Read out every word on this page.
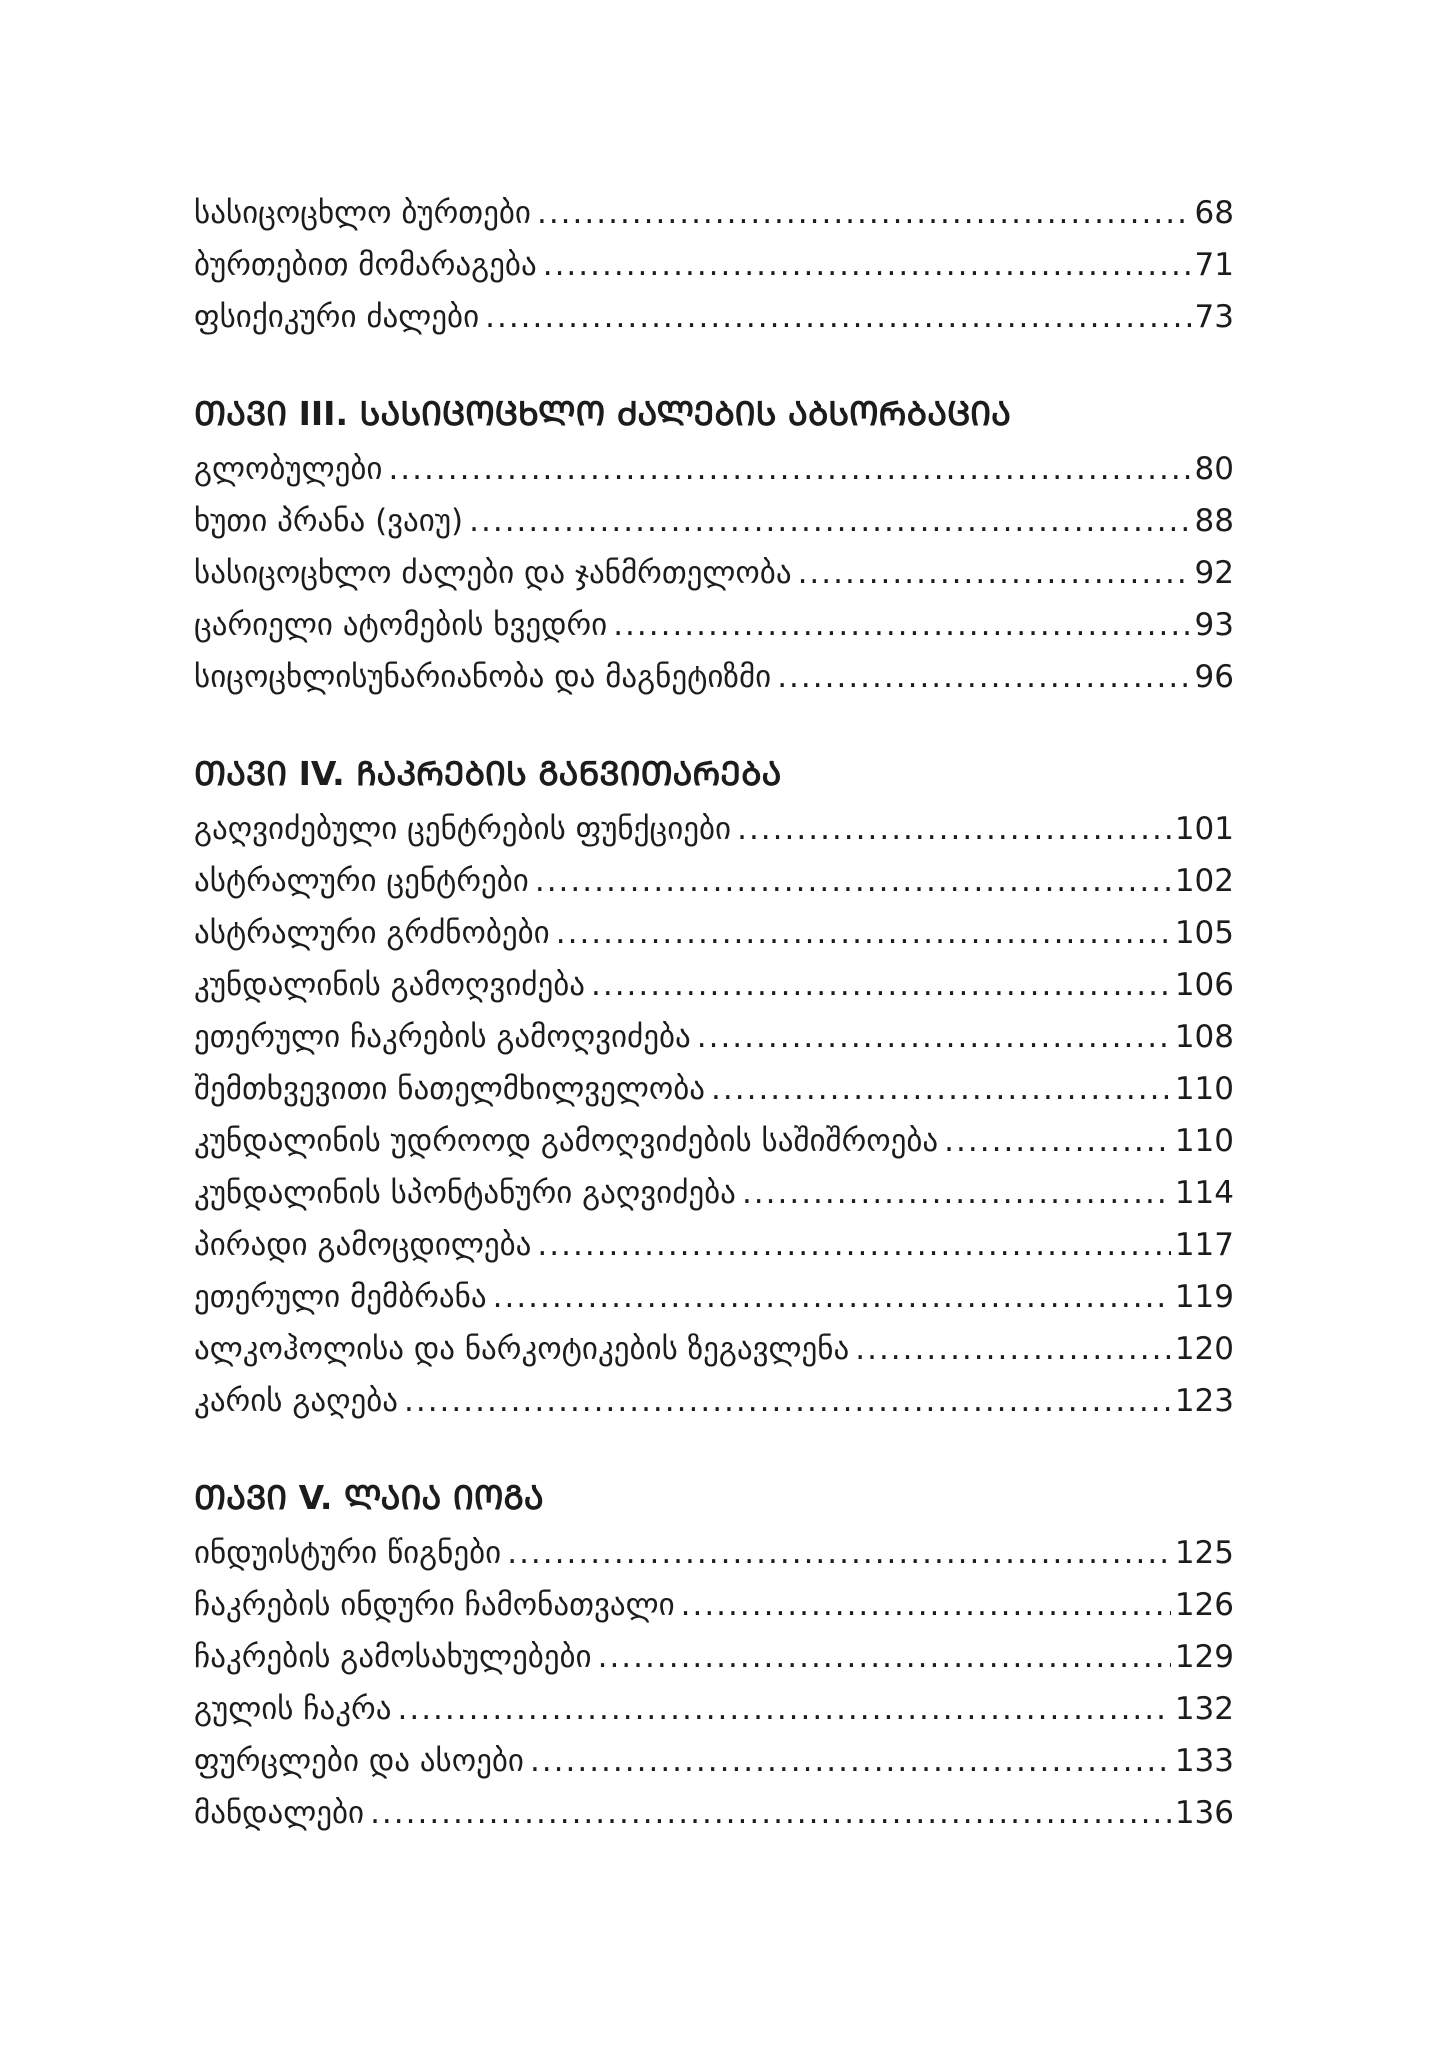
სასიცოცხლო ბურთები .....	68
ბურთებით მომარაგება .....	71
ფსიქიკური ძალები .....	73
ᲗᲐᲕᲘ III. ᲡᲐᲡᲘᲪᲝᲪᲮᲚᲝ ᲫᲐᲚᲔᲑᲘᲡ ᲐᲑᲡᲝᲠᲑᲐᲪᲘᲐ
გლობულები .....	80
ხუთი პრანა (ვაიუ) .....	88
სასიცოცხლო ძალები და ჯანმრთელობა .....	92
ცარიელი ატომების ხვედრი .....	93
სიცოცხლისუნარიანობა და მაგნეტიზმი .....	96
ᲗᲐᲕᲘ IV. ᲩᲐᲙᲠᲔᲑᲘᲡ ᲒᲐᲜᲕᲘᲗᲐᲠᲔᲑᲐ
გაღვიძებული ცენტრების ფუნქციები .....	101
ასტრალური ცენტრები .....	102
ასტრალური გრძნობები .....	105
კუნდალინის გამოღვიძება .....	106
ეთერული ჩაკრების გამოღვიძება .....	108
შემთხვევითი ნათელმხილველობა .....	110
კუნდალინის უდროოდ გამოღვიძების საშიშროება .....	110
კუნდალინის სპონტანური გაღვიძება .....	114
პირადი გამოცდილება .....	117
ეთერული მემბრანა .....	119
ალკოჰოლისა და ნარკოტიკების ზეგავლენა .....	120
კარის გაღება .....	123
ᲗᲐᲕᲘ V. ᲚᲐᲘᲐ ᲘᲝᲒᲐ
ინდუისტური წიგნები .....	125
ჩაკრების ინდური ჩამონათვალი .....	126
ჩაკრების გამოსახულებები .....	129
გულის ჩაკრა .....	132
ფურცლები და ასოები .....	133
მანდალები .....	136
